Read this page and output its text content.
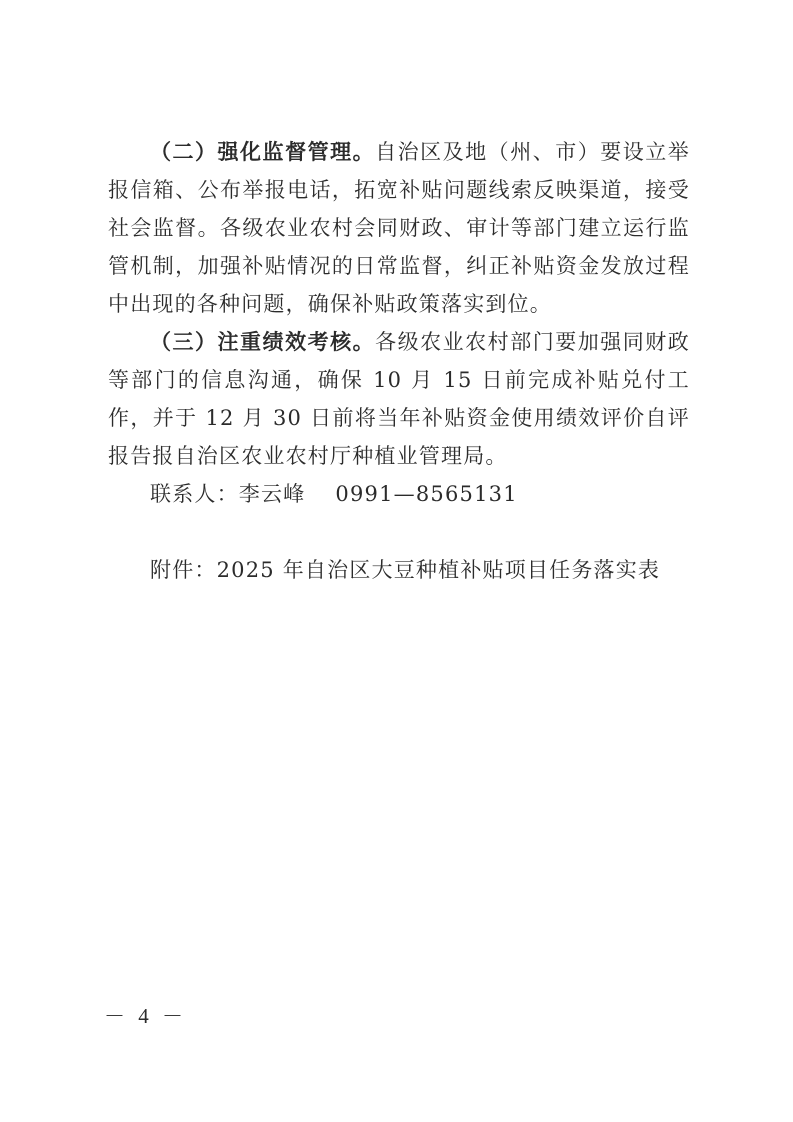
（二）强化监督管理。自治区及地（州、市）要设立举报信箱、公布举报电话，拓宽补贴问题线索反映渠道，接受社会监督。各级农业农村会同财政、审计等部门建立运行监管机制，加强补贴情况的日常监督，纠正补贴资金发放过程中出现的各种问题，确保补贴政策落实到位。

（三）注重绩效考核。各级农业农村部门要加强同财政等部门的信息沟通，确保 10 月 15 日前完成补贴兑付工作，并于 12 月 30 日前将当年补贴资金使用绩效评价自评报告报自治区农业农村厅种植业管理局。

联系人：李云峰 0991—8565131

附件：2025 年自治区大豆种植补贴项目任务落实表

－ 4 －
